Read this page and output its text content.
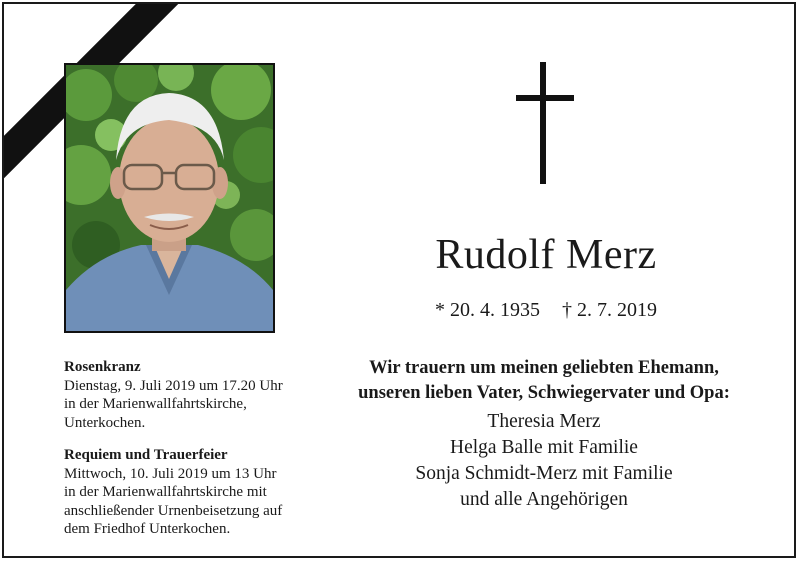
Rudolf Merz
* 20. 4. 1935 † 2. 7. 2019
Wir trauern um meinen geliebten Ehemann,
unseren lieben Vater, Schwiegervater und Opa:
Theresia Merz
Helga Balle mit Familie
Sonja Schmidt-Merz mit Familie
und alle Angehörigen
Rosenkranz
Dienstag, 9. Juli 2019 um 17.20 Uhr
in der Marienwallfahrtskirche,
Unterkochen.
Requiem und Trauerfeier
Mittwoch, 10. Juli 2019 um 13 Uhr
in der Marienwallfahrtskirche mit
anschließender Urnenbeisetzung auf
dem Friedhof Unterkochen.
